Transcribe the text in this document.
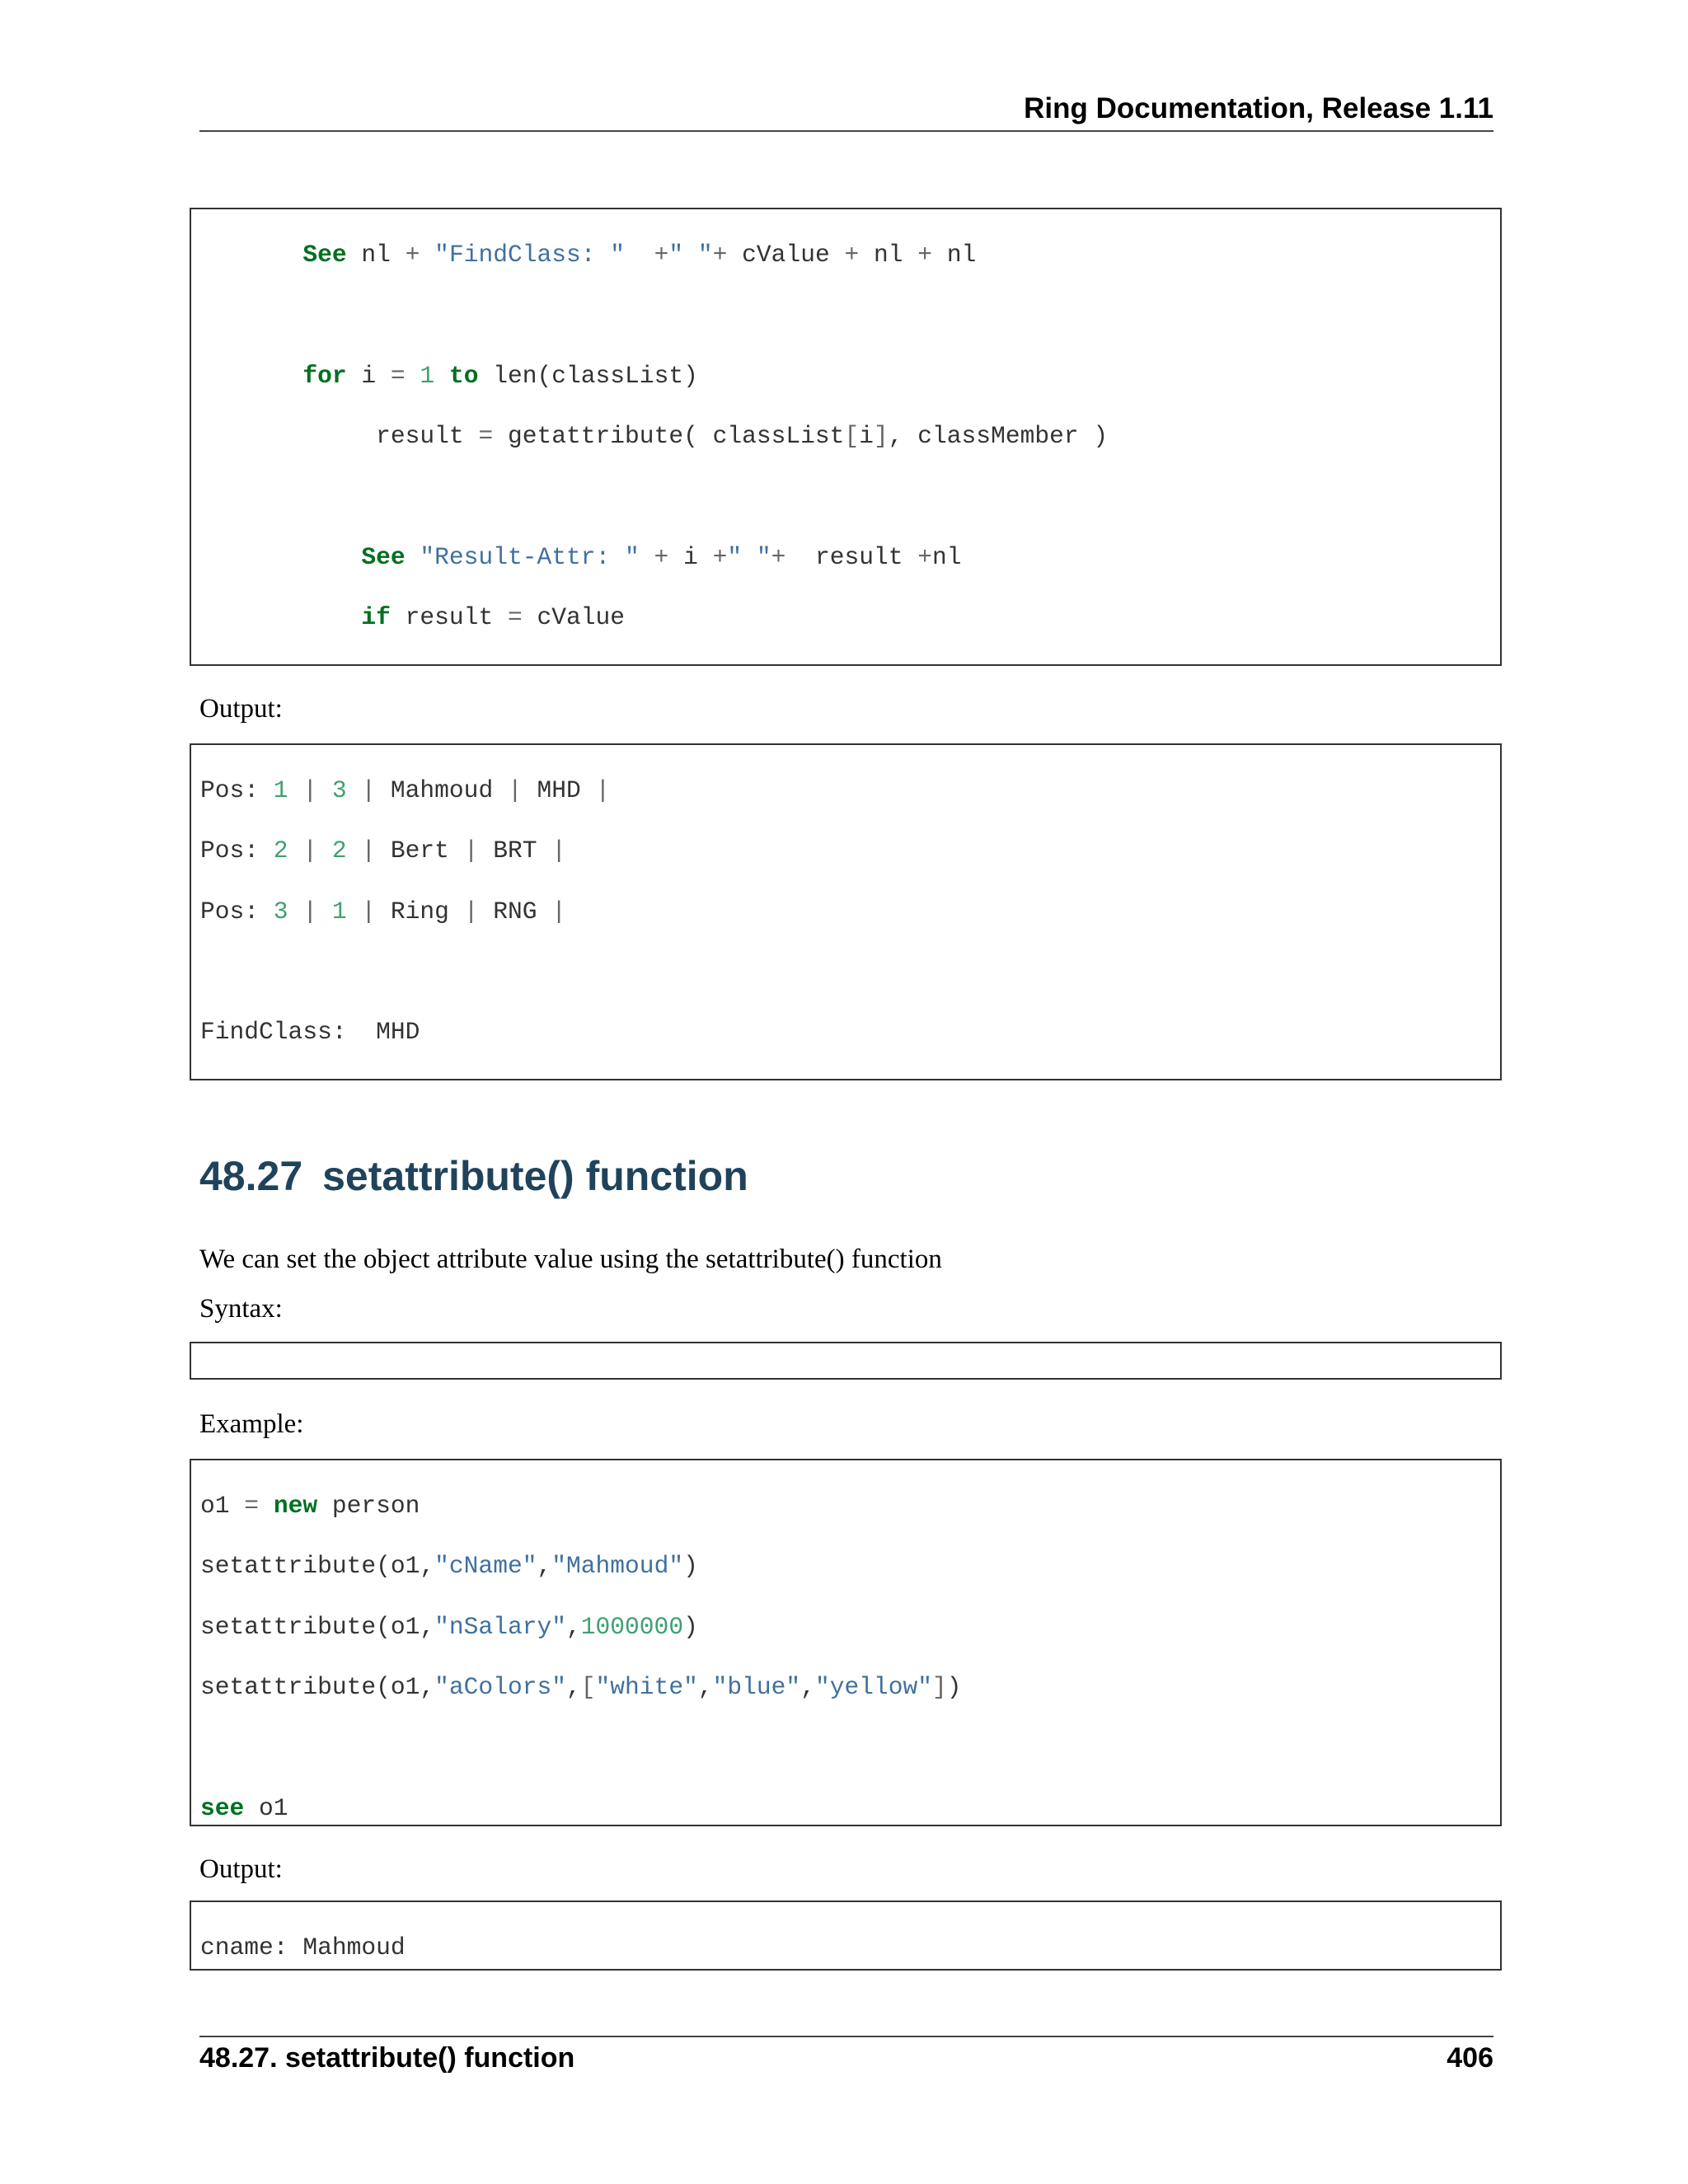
Ring Documentation, Release 1.11

See nl + "FindClass: " +" "+ cValue + nl + nl

for i = 1 to len(classList)

result = getattribute( classList[i], classMember )

See "Result-Attr: " + i +" "+  result +nl

if result = cValue

Output:

Pos: 1 | 3 | Mahmoud | MHD |

Pos: 2 | 2 | Bert | BRT |

Pos: 3 | 1 | Ring | RNG |

FindClass:  MHD

48.27 setattribute() function
We can set the object attribute value using the setattribute() function
Syntax:

Example:

o1 = new person

setattribute(o1,"cName","Mahmoud")

setattribute(o1,"nSalary",1000000)

setattribute(o1,"aColors",["white","blue","yellow"])

see o1

Output:

cname: Mahmoud

48.27. setattribute() function	406
